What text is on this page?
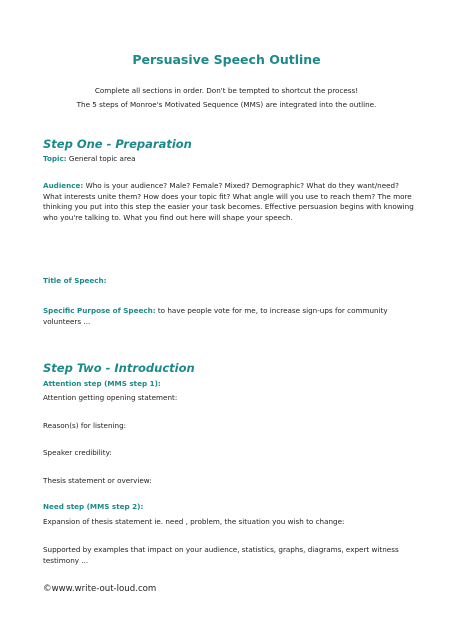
Persuasive Speech Outline
Complete all sections in order. Don't be tempted to shortcut the process!
The 5 steps of Monroe's Motivated Sequence (MMS) are integrated into the outline.
Step One - Preparation
Topic: General topic area
Audience: Who is your audience? Male? Female? Mixed? Demographic? What do they want/need? What interests unite them? How does your topic fit? What angle will you use to reach them? The more thinking you put into this step the easier your task becomes. Effective persuasion begins with knowing who you're talking to. What you find out here will shape your speech.
Title of Speech:
Specific Purpose of Speech: to have people vote for me, to increase sign-ups for community volunteers ...
Step Two - Introduction
Attention step (MMS step 1):
Attention getting opening statement:
Reason(s) for listening:
Speaker credibility:
Thesis statement or overview:
Need step (MMS step 2):
Expansion of thesis statement ie. need , problem, the situation you wish to change:
Supported by examples that impact on your audience, statistics, graphs, diagrams, expert witness testimony ...
©www.write-out-loud.com
